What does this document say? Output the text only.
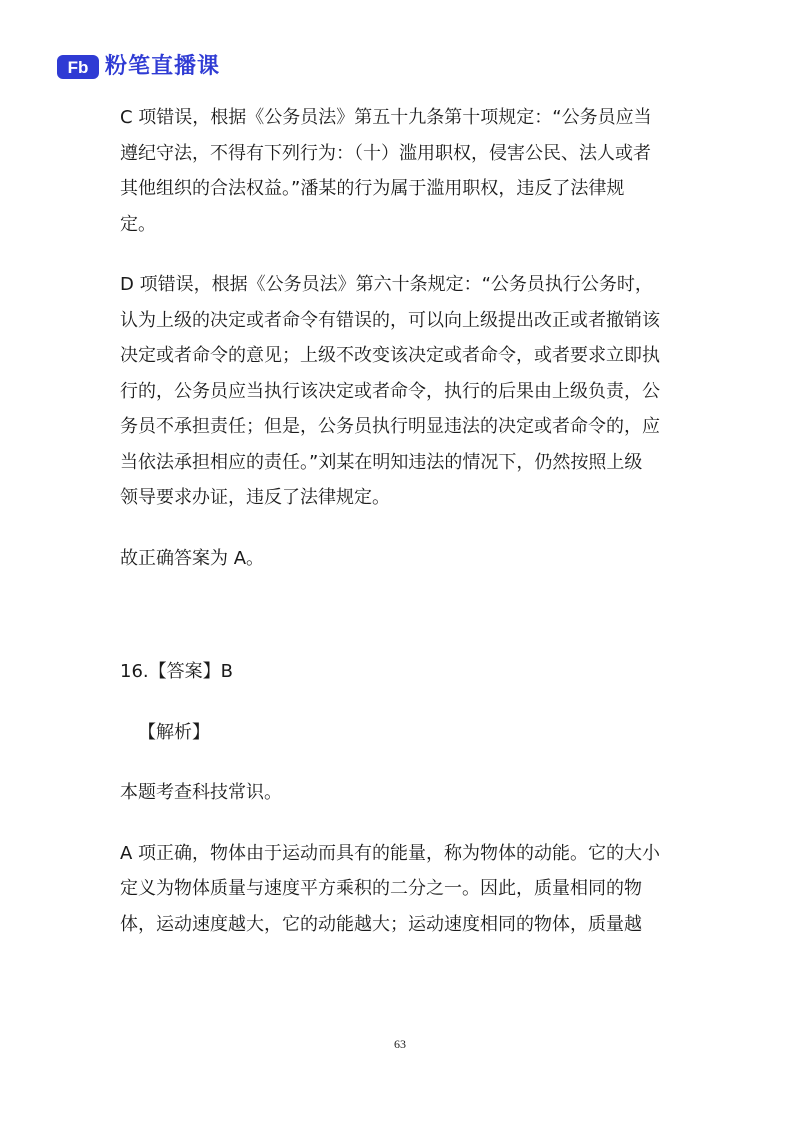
Fb 粉笔直播课
C 项错误，根据《公务员法》第五十九条第十项规定：“公务员应当
遵纪守法，不得有下列行为：（十）滥用职权，侵害公民、法人或者
其他组织的合法权益。”潘某的行为属于滥用职权，违反了法律规
定。
D 项错误，根据《公务员法》第六十条规定：“公务员执行公务时，
认为上级的决定或者命令有错误的，可以向上级提出改正或者撤销该
决定或者命令的意见；上级不改变该决定或者命令，或者要求立即执
行的，公务员应当执行该决定或者命令，执行的后果由上级负责，公
务员不承担责任；但是，公务员执行明显违法的决定或者命令的，应
当依法承担相应的责任。”刘某在明知违法的情况下，仍然按照上级
领导要求办证，违反了法律规定。
故正确答案为 A。
16.【答案】B
【解析】
本题考查科技常识。
A 项正确，物体由于运动而具有的能量，称为物体的动能。它的大小
定义为物体质量与速度平方乘积的二分之一。因此，质量相同的物
体，运动速度越大，它的动能越大；运动速度相同的物体，质量越
63
